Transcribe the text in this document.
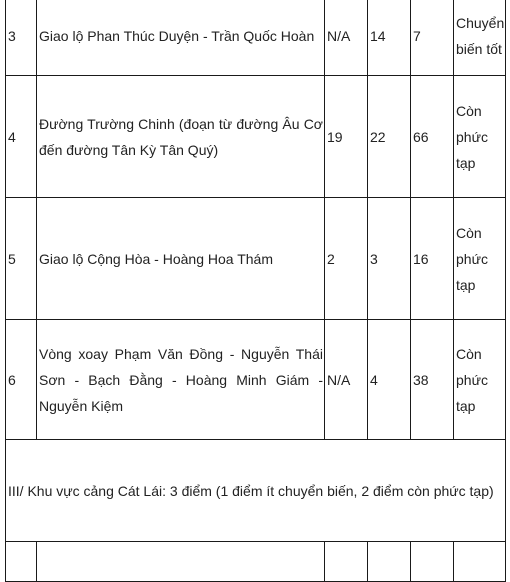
3	Giao lộ Phan Thúc Duyện - Trần Quốc Hoàn	N/A	14	7	Chuyển biến tốt
4	Đường Trường Chinh (đoạn từ đường Âu Cơ đến đường Tân Kỳ Tân Quý)	19	22	66	Còn phức tạp
5	Giao lộ Cộng Hòa - Hoàng Hoa Thám	2	3	16	Còn phức tạp
6	Vòng xoay Phạm Văn Đồng - Nguyễn Thái Sơn - Bạch Đằng - Hoàng Minh Giám - Nguyễn Kiệm	N/A	4	38	Còn phức tạp
III/ Khu vực cảng Cát Lái: 3 điểm (1 điểm ít chuyển biến, 2 điểm còn phức tạp)					
